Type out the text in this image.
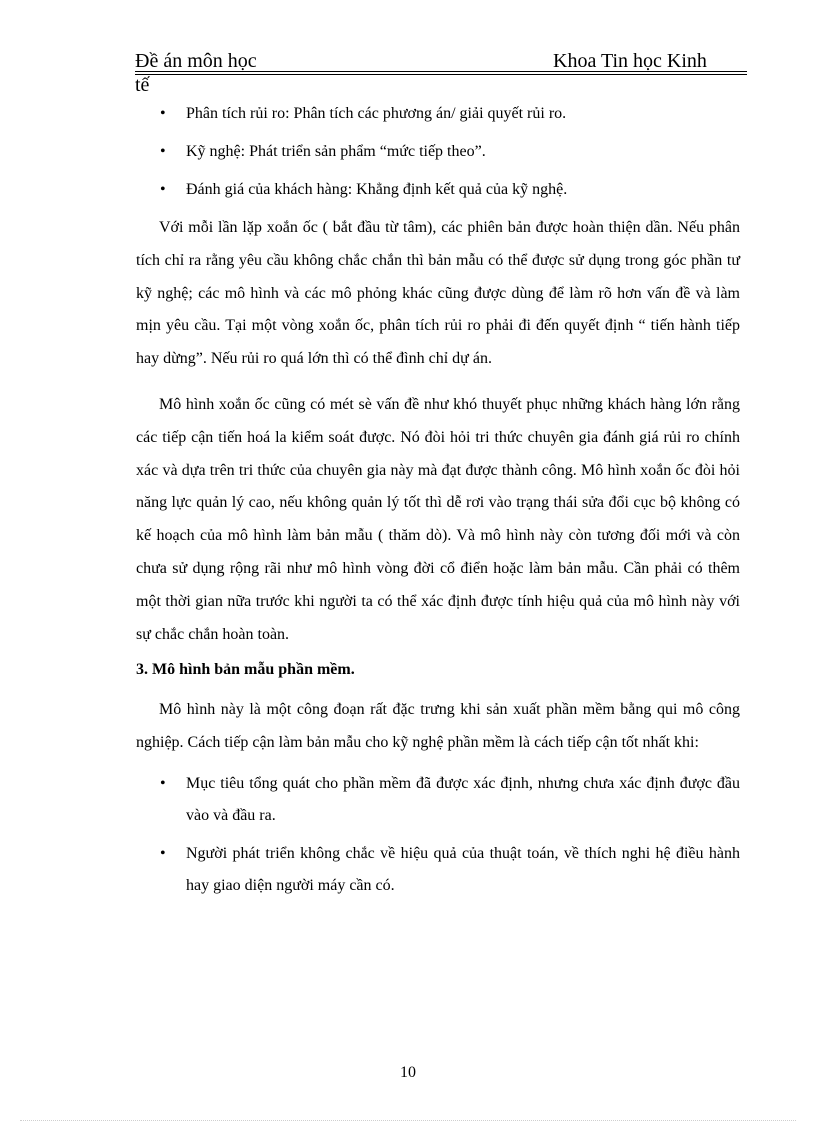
Đề án môn học	Khoa Tin học Kinh
tế
• Phân tích rủi ro: Phân tích các phương án/ giải quyết rủi ro.
• Kỹ nghệ: Phát triển sản phẩm “mức tiếp theo”.
• Đánh giá của khách hàng: Khẳng định kết quả của kỹ nghệ.

Với mỗi lần lặp xoắn ốc ( bắt đầu từ tâm), các phiên bản được hoàn thiện dần. Nếu phân tích chỉ ra rằng yêu cầu không chắc chắn thì bản mẫu có thể được sử dụng trong góc phần tư kỹ nghệ; các mô hình và các mô phỏng khác cũng được dùng để làm rõ hơn vấn đề và làm mịn yêu cầu. Tại một vòng xoắn ốc, phân tích rủi ro phải đi đến quyết định “ tiến hành tiếp hay dừng”. Nếu rủi ro quá lớn thì có thể đình chỉ dự án.

Mô hình xoắn ốc cũng có mét sè vấn đề như khó thuyết phục những khách hàng lớn rằng các tiếp cận tiến hoá la kiểm soát được. Nó đòi hỏi tri thức chuyên gia đánh giá rủi ro chính xác và dựa trên tri thức của chuyên gia này mà đạt được thành công. Mô hình xoắn ốc đòi hỏi năng lực quản lý cao, nếu không quản lý tốt thì dễ rơi vào trạng thái sửa đổi cục bộ không có kế hoạch của mô hình làm bản mẫu ( thăm dò). Và mô hình này còn tương đối mới và còn chưa sử dụng rộng rãi như mô hình vòng đời cổ điển hoặc làm bản mẫu. Cần phải có thêm một thời gian nữa trước khi người ta có thể xác định được tính hiệu quả của mô hình này với sự chắc chắn hoàn toàn.

3. Mô hình bản mẫu phần mềm.

Mô hình này là một công đoạn rất đặc trưng khi sản xuất phần mềm bằng qui mô công nghiệp. Cách tiếp cận làm bản mẫu cho kỹ nghệ phần mềm là cách tiếp cận tốt nhất khi:

• Mục tiêu tổng quát cho phần mềm đã được xác định, nhưng chưa xác định được đầu vào và đầu ra.
• Người phát triển không chắc về hiệu quả của thuật toán, về thích nghi hệ điều hành hay giao diện người máy cần có.
10
